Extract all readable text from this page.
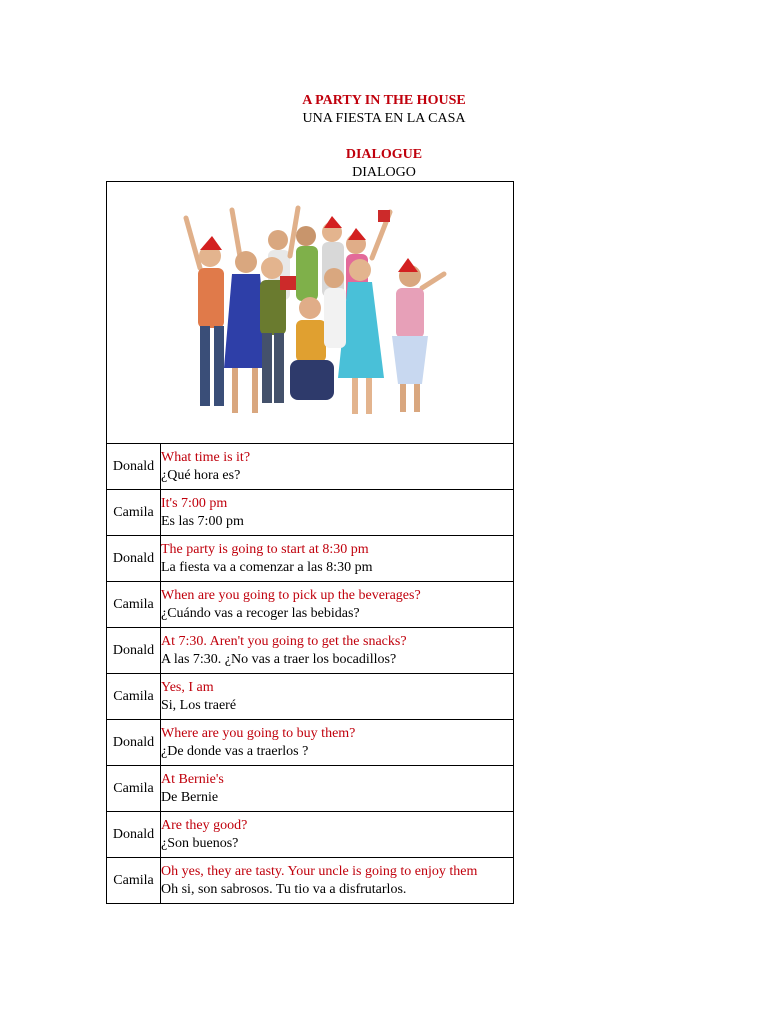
A PARTY IN THE HOUSE
UNA FIESTA EN LA CASA
DIALOGUE
DIALOGO

Donald	What time is it?
¿Qué hora es?

Camila	It's 7:00 pm
Es las 7:00 pm

Donald	The party is going to start at 8:30 pm
La fiesta va a comenzar a las 8:30 pm

Camila	When are you going to pick up the beverages?
¿Cuándo vas a recoger las bebidas?

Donald	At 7:30. Aren't you going to get the snacks?
A las 7:30. ¿No vas a traer los bocadillos?

Camila	Yes, I am
Si, Los traeré

Donald	Where are you going to buy them?
¿De donde vas a traerlos ?

Camila	At Bernie's
De Bernie

Donald	Are they good?
¿Son buenos?

Camila	Oh yes, they are tasty. Your uncle is going to enjoy them
Oh si, son sabrosos. Tu tio va a disfrutarlos.
